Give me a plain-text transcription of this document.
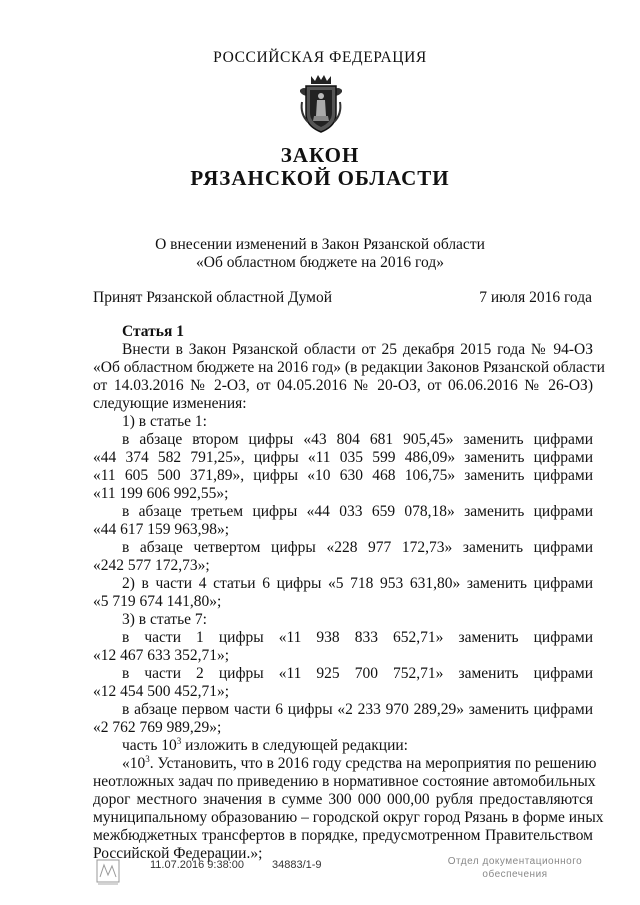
РОССИЙСКАЯ ФЕДЕРАЦИЯ
ЗАКОН
РЯЗАНСКОЙ ОБЛАСТИ
О внесении изменений в Закон Рязанской области
«Об областном бюджете на 2016 год»
Принят Рязанской областной Думой	7 июля 2016 года
Статья 1
Внести в Закон Рязанской области от 25 декабря 2015 года № 94-ОЗ
«Об областном бюджете на 2016 год» (в редакции Законов Рязанской области
от 14.03.2016 № 2-ОЗ, от 04.05.2016 № 20-ОЗ, от 06.06.2016 № 26-ОЗ)
следующие изменения:
1) в статье 1:
в абзаце втором цифры «43 804 681 905,45» заменить цифрами
«44 374 582 791,25», цифры «11 035 599 486,09» заменить цифрами
«11 605 500 371,89», цифры «10 630 468 106,75» заменить цифрами
«11 199 606 992,55»;
в абзаце третьем цифры «44 033 659 078,18» заменить цифрами
«44 617 159 963,98»;
в абзаце четвертом цифры «228 977 172,73» заменить цифрами
«242 577 172,73»;
2) в части 4 статьи 6 цифры «5 718 953 631,80» заменить цифрами
«5 719 674 141,80»;
3) в статье 7:
в части 1 цифры «11 938 833 652,71» заменить цифрами
«12 467 633 352,71»;
в части 2 цифры «11 925 700 752,71» заменить цифрами
«12 454 500 452,71»;
в абзаце первом части 6 цифры «2 233 970 289,29» заменить цифрами
«2 762 769 989,29»;
часть $10^3$ изложить в следующей редакции:
«$10^3$. Установить, что в 2016 году средства на мероприятия по решению
неотложных задач по приведению в нормативное состояние автомобильных
дорог местного значения в сумме 300 000 000,00 рубля предоставляются
муниципальному образованию – городской округ город Рязань в форме иных
межбюджетных трансфертов в порядке, предусмотренном Правительством
Российской Федерации.»;
11.07.2016 9:38:00	34883/1-9	Отдел документационного
обеспечения
